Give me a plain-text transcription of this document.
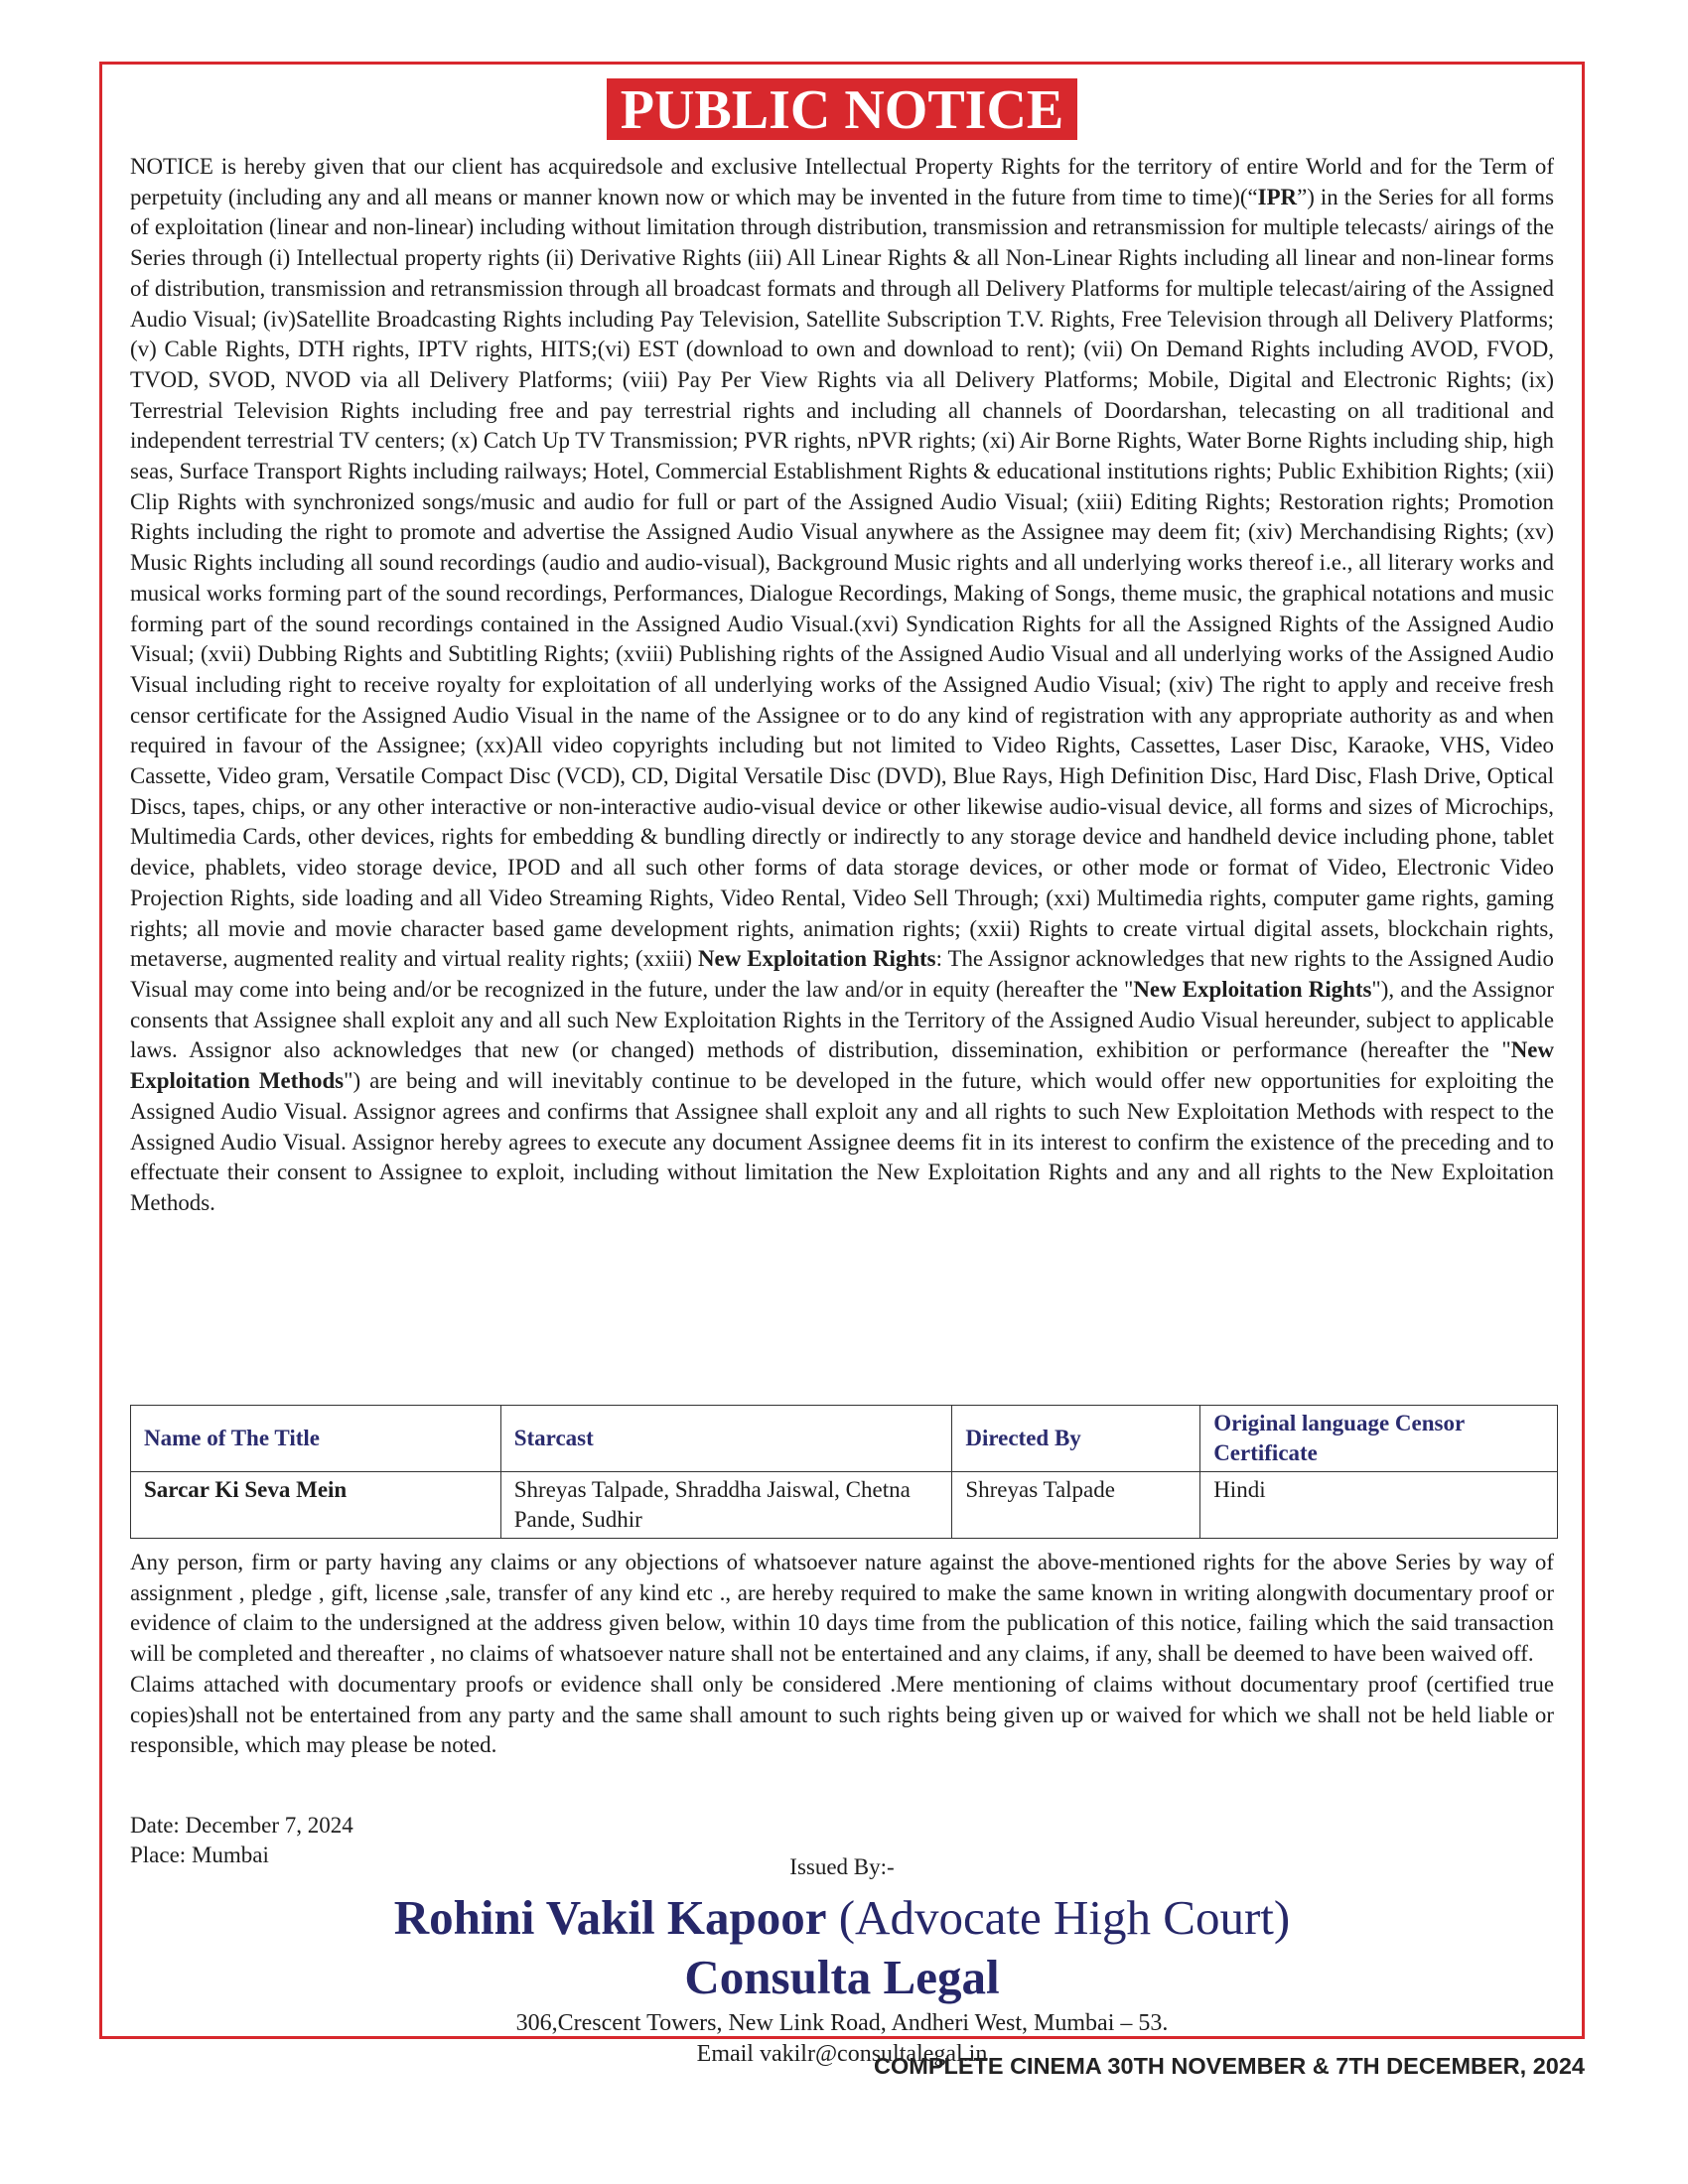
PUBLIC NOTICE
NOTICE is hereby given that our client has acquiredsole and exclusive Intellectual Property Rights for the territory of entire World and for the Term of perpetuity (including any and all means or manner known now or which may be invented in the future from time to time)(“IPR”) in the Series for all forms of exploitation (linear and non-linear) including without limitation through distribution, transmission and retransmission for multiple telecasts/ airings of the Series through (i) Intellectual property rights (ii) Derivative Rights (iii) All Linear Rights & all Non-Linear Rights including all linear and non-linear forms of distribution, transmission and retransmission through all broadcast formats and through all Delivery Platforms for multiple telecast/airing of the Assigned Audio Visual; (iv)Satellite Broadcasting Rights including Pay Television, Satellite Subscription T.V. Rights, Free Television through all Delivery Platforms; (v) Cable Rights, DTH rights, IPTV rights, HITS;(vi) EST (download to own and download to rent); (vii) On Demand Rights including AVOD, FVOD, TVOD, SVOD, NVOD via all Delivery Platforms; (viii) Pay Per View Rights via all Delivery Platforms; Mobile, Digital and Electronic Rights; (ix) Terrestrial Television Rights including free and pay terrestrial rights and including all channels of Doordarshan, telecasting on all traditional and independent terrestrial TV centers; (x) Catch Up TV Transmission; PVR rights, nPVR rights; (xi) Air Borne Rights, Water Borne Rights including ship, high seas, Surface Transport Rights including railways; Hotel, Commercial Establishment Rights & educational institutions rights; Public Exhibition Rights; (xii) Clip Rights with synchronized songs/music and audio for full or part of the Assigned Audio Visual; (xiii) Editing Rights; Restoration rights; Promotion Rights including the right to promote and advertise the Assigned Audio Visual anywhere as the Assignee may deem fit; (xiv) Merchandising Rights; (xv) Music Rights including all sound recordings (audio and audio-visual), Background Music rights and all underlying works thereof i.e., all literary works and musical works forming part of the sound recordings, Performances, Dialogue Recordings, Making of Songs, theme music, the graphical notations and music forming part of the sound recordings contained in the Assigned Audio Visual.(xvi) Syndication Rights for all the Assigned Rights of the Assigned Audio Visual; (xvii) Dubbing Rights and Subtitling Rights; (xviii) Publishing rights of the Assigned Audio Visual and all underlying works of the Assigned Audio Visual including right to receive royalty for exploitation of all underlying works of the Assigned Audio Visual; (xiv) The right to apply and receive fresh censor certificate for the Assigned Audio Visual in the name of the Assignee or to do any kind of registration with any appropriate authority as and when required in favour of the Assignee; (xx)All video copyrights including but not limited to Video Rights, Cassettes, Laser Disc, Karaoke, VHS, Video Cassette, Video gram, Versatile Compact Disc (VCD), CD, Digital Versatile Disc (DVD), Blue Rays, High Definition Disc, Hard Disc, Flash Drive, Optical Discs, tapes, chips, or any other interactive or non-interactive audio-visual device or other likewise audio-visual device, all forms and sizes of Microchips, Multimedia Cards, other devices, rights for embedding & bundling directly or indirectly to any storage device and handheld device including phone, tablet device, phablets, video storage device, IPOD and all such other forms of data storage devices, or other mode or format of Video, Electronic Video Projection Rights, side loading and all Video Streaming Rights, Video Rental, Video Sell Through; (xxi) Multimedia rights, computer game rights, gaming rights; all movie and movie character based game development rights, animation rights; (xxii) Rights to create virtual digital assets, blockchain rights, metaverse, augmented reality and virtual reality rights; (xxiii) New Exploitation Rights: The Assignor acknowledges that new rights to the Assigned Audio Visual may come into being and/or be recognized in the future, under the law and/or in equity (hereafter the "New Exploitation Rights"), and the Assignor consents that Assignee shall exploit any and all such New Exploitation Rights in the Territory of the Assigned Audio Visual hereunder, subject to applicable laws. Assignor also acknowledges that new (or changed) methods of distribution, dissemination, exhibition or performance (hereafter the "New Exploitation Methods") are being and will inevitably continue to be developed in the future, which would offer new opportunities for exploiting the Assigned Audio Visual. Assignor agrees and confirms that Assignee shall exploit any and all rights to such New Exploitation Methods with respect to the Assigned Audio Visual. Assignor hereby agrees to execute any document Assignee deems fit in its interest to confirm the existence of the preceding and to effectuate their consent to Assignee to exploit, including without limitation the New Exploitation Rights and any and all rights to the New Exploitation Methods.
Name of The Title	Starcast	Directed By	Original language Censor Certificate
Sarcar Ki Seva Mein	Shreyas Talpade, Shraddha Jaiswal, Chetna Pande, Sudhir	Shreyas Talpade	Hindi

Any person, firm or party having any claims or any objections of whatsoever nature against the above-mentioned rights for the above Series by way of assignment , pledge , gift, license ,sale, transfer of any kind etc ., are hereby required to make the same known in writing alongwith documentary proof or evidence of claim to the undersigned at the address given below, within 10 days time from the publication of this notice, failing which the said transaction will be completed and thereafter , no claims of whatsoever nature shall not be entertained and any claims, if any, shall be deemed to have been waived off.

Claims attached with documentary proofs or evidence shall only be considered .Mere mentioning of claims without documentary proof (certified true copies)shall not be entertained from any party and the same shall amount to such rights being given up or waived for which we shall not be held liable or responsible, which may please be noted.

Date: December 7, 2024
Place: Mumbai	Issued By:-
Rohini Vakil Kapoor (Advocate High Court)
Consulta Legal
306,Crescent Towers, New Link Road, Andheri West, Mumbai – 53.
Email vakilr@consultalegal.in
COMPLETE CINEMA 30TH NOVEMBER & 7TH DECEMBER, 2024
